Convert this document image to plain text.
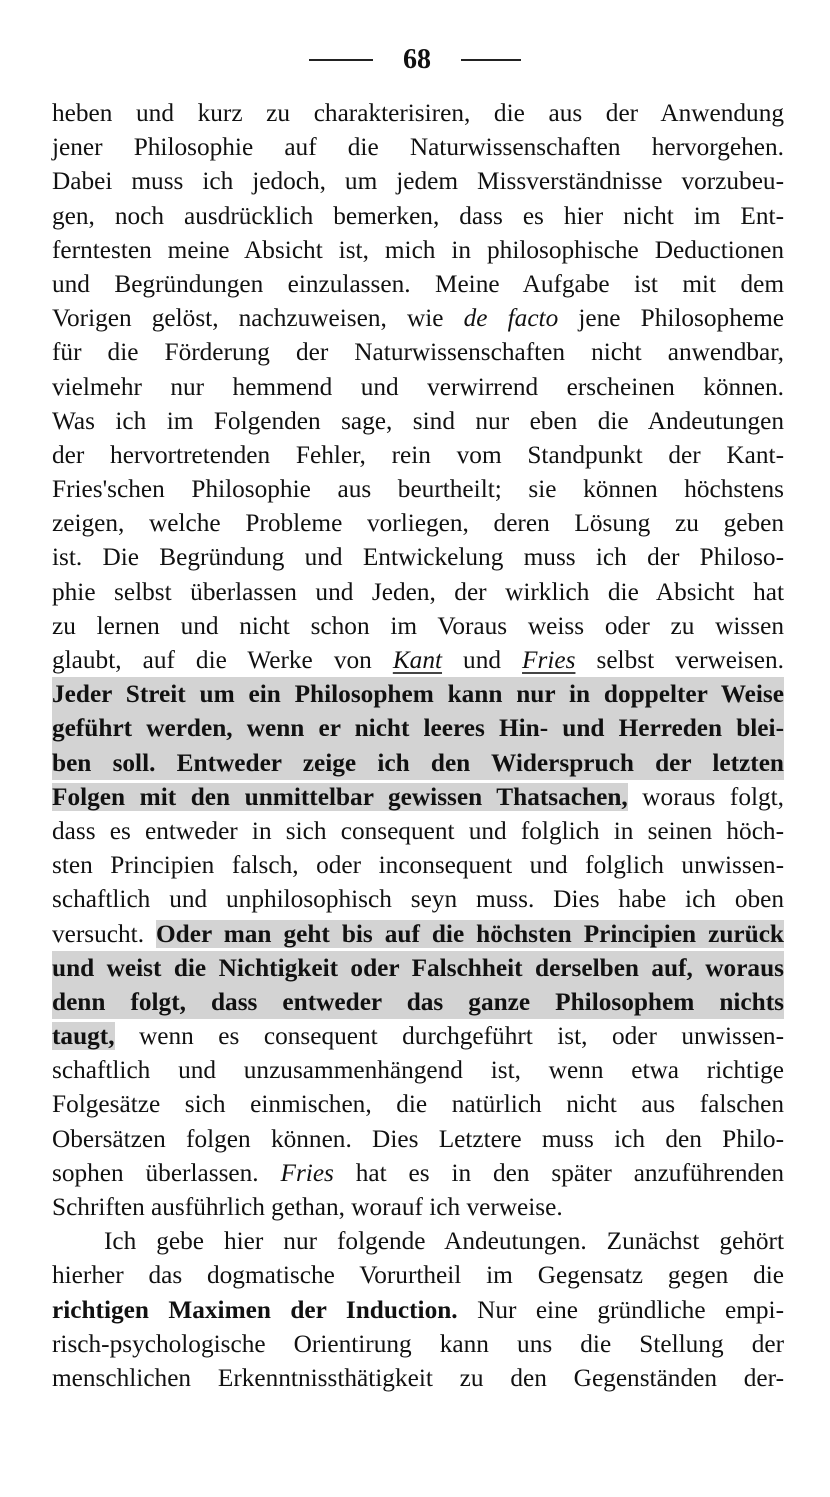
68
heben und kurz zu charakterisiren, die aus der Anwendung
jener Philosophie auf die Naturwissenschaften hervorgehen.
Dabei muss ich jedoch, um jedem Missverständnisse vorzubeu-
gen, noch ausdrücklich bemerken, dass es hier nicht im Ent-
ferntesten meine Absicht ist, mich in philosophische Deductionen
und Begründungen einzulassen. Meine Aufgabe ist mit dem
Vorigen gelöst, nachzuweisen, wie de facto jene Philosopheme
für die Förderung der Naturwissenschaften nicht anwendbar,
vielmehr nur hemmend und verwirrend erscheinen können.
Was ich im Folgenden sage, sind nur eben die Andeutungen
der hervortretenden Fehler, rein vom Standpunkt der Kant-
Fries'schen Philosophie aus beurtheilt; sie können höchstens
zeigen, welche Probleme vorliegen, deren Lösung zu geben
ist. Die Begründung und Entwickelung muss ich der Philoso-
phie selbst überlassen und Jeden, der wirklich die Absicht hat
zu lernen und nicht schon im Voraus weiss oder zu wissen
glaubt, auf die Werke von Kant und Fries selbst verweisen.
Jeder Streit um ein Philosophem kann nur in doppelter Weise
geführt werden, wenn er nicht leeres Hin- und Herreden blei-
ben soll. Entweder zeige ich den Widerspruch der letzten
Folgen mit den unmittelbar gewissen Thatsachen, woraus folgt,
dass es entweder in sich consequent und folglich in seinen höch-
sten Principien falsch, oder inconsequent und folglich unwissen-
schaftlich und unphilosophisch seyn muss. Dies habe ich oben
versucht. Oder man geht bis auf die höchsten Principien zurück
und weist die Nichtigkeit oder Falschheit derselben auf, woraus
denn folgt, dass entweder das ganze Philosophem nichts
taugt, wenn es consequent durchgeführt ist, oder unwissen-
schaftlich und unzusammenhängend ist, wenn etwa richtige
Folgesätze sich einmischen, die natürlich nicht aus falschen
Obersätzen folgen können. Dies Letztere muss ich den Philo-
sophen überlassen. Fries hat es in den später anzuführenden
Schriften ausführlich gethan, worauf ich verweise.
Ich gebe hier nur folgende Andeutungen. Zunächst gehört
hierher das dogmatische Vorurtheil im Gegensatz gegen die
richtigen Maximen der Induction. Nur eine gründliche empi-
risch-psychologische Orientirung kann uns die Stellung der
menschlichen Erkenntnissthätigkeit zu den Gegenständen der-
